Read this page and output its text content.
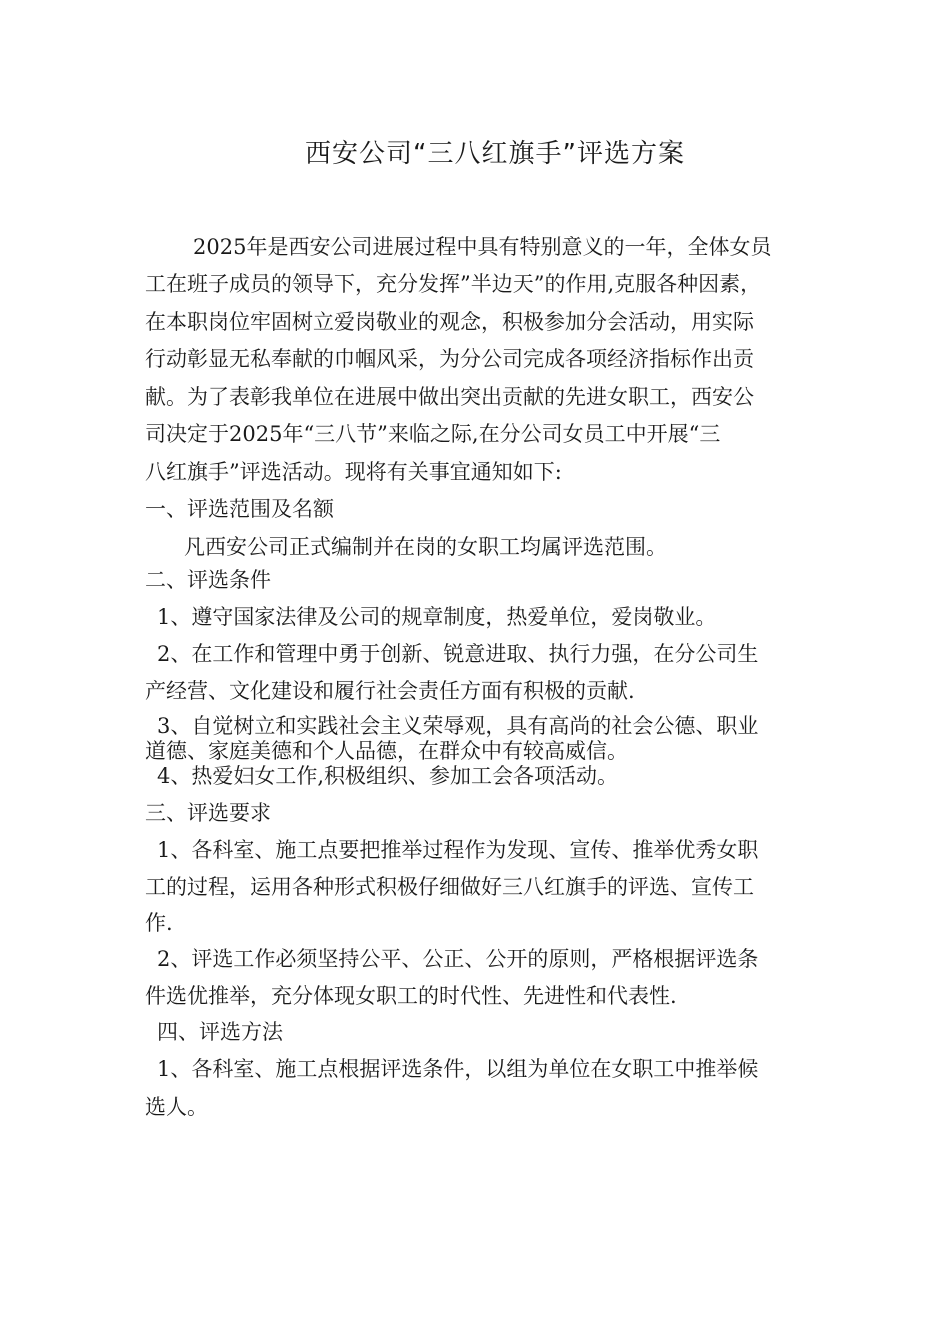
西安公司“三八红旗手”评选方案
2025年是西安公司进展过程中具有特别意义的一年，全体女员
工在班子成员的领导下，充分发挥”半边天”的作用,克服各种因素，
在本职岗位牢固树立爱岗敬业的观念，积极参加分会活动，用实际
行动彰显无私奉献的巾帼风采，为分公司完成各项经济指标作出贡
献。为了表彰我单位在进展中做出突出贡献的先进女职工，西安公
司决定于2025年“三八节”来临之际,在分公司女员工中开展“三
八红旗手”评选活动。现将有关事宜通知如下:
一、评选范围及名额
凡西安公司正式编制并在岗的女职工均属评选范围。
二、评选条件
1、遵守国家法律及公司的规章制度，热爱单位，爱岗敬业。
2、在工作和管理中勇于创新、锐意进取、执行力强，在分公司生
产经营、文化建设和履行社会责任方面有积极的贡献.
3、自觉树立和实践社会主义荣辱观，具有高尚的社会公德、职业
道德、家庭美德和个人品德，在群众中有较高威信。
4、热爱妇女工作,积极组织、参加工会各项活动。
三、评选要求
1、各科室、施工点要把推举过程作为发现、宣传、推举优秀女职
工的过程，运用各种形式积极仔细做好三八红旗手的评选、宣传工
作.
2、评选工作必须坚持公平、公正、公开的原则，严格根据评选条
件选优推举，充分体现女职工的时代性、先进性和代表性.
四、评选方法
1、各科室、施工点根据评选条件，以组为单位在女职工中推举候
选人。
